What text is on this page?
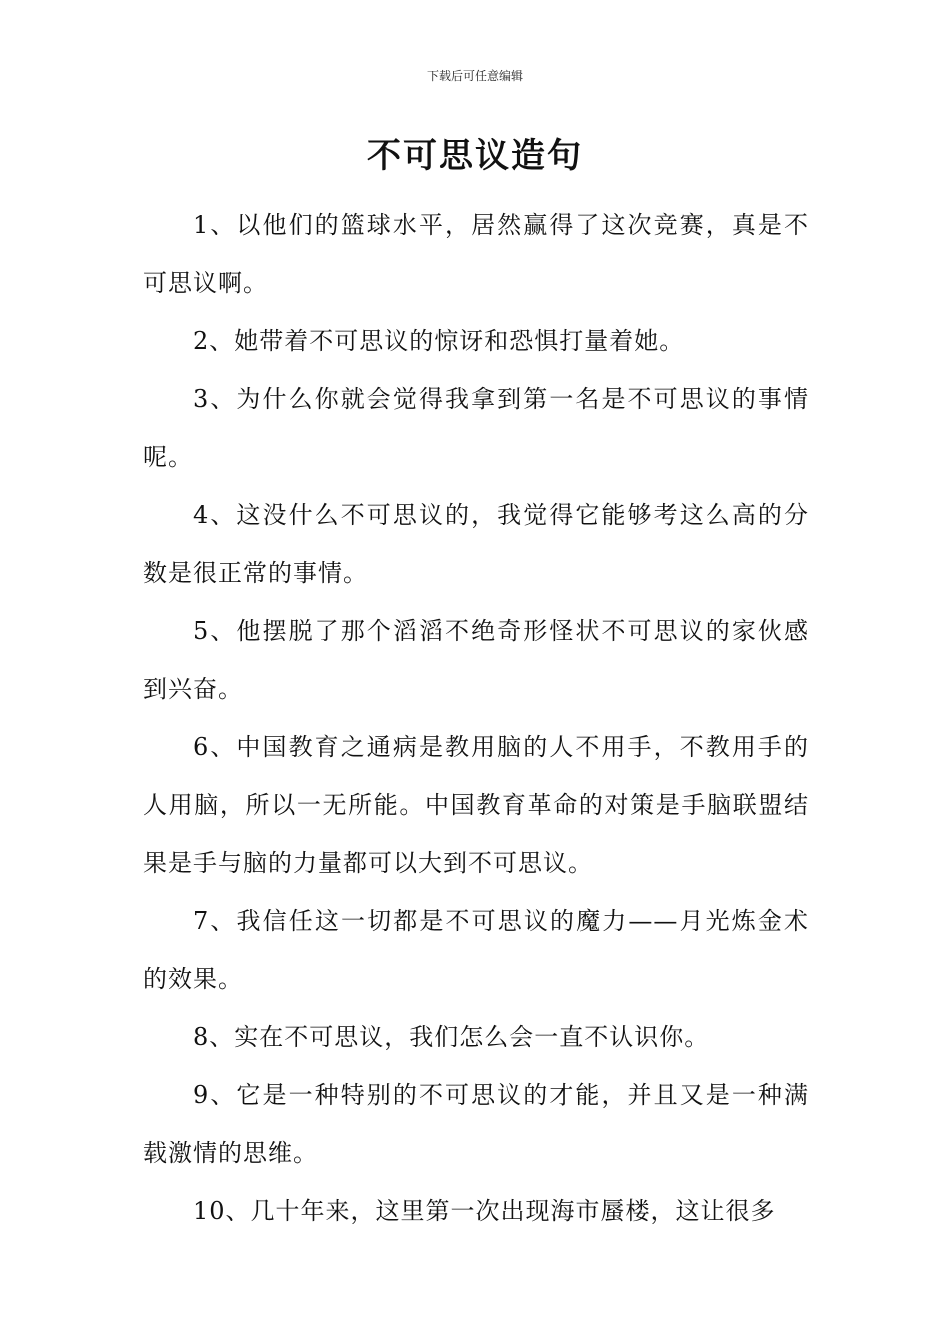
下载后可任意编辑
不可思议造句

1、以他们的篮球水平，居然赢得了这次竞赛，真是不可思议啊。

2、她带着不可思议的惊讶和恐惧打量着她。

3、为什么你就会觉得我拿到第一名是不可思议的事情呢。

4、这没什么不可思议的，我觉得它能够考这么高的分数是很正常的事情。

5、他摆脱了那个滔滔不绝奇形怪状不可思议的家伙感到兴奋。

6、中国教育之通病是教用脑的人不用手，不教用手的人用脑，所以一无所能。中国教育革命的对策是手脑联盟结果是手与脑的力量都可以大到不可思议。

7、我信任这一切都是不可思议的魔力——月光炼金术的效果。

8、实在不可思议，我们怎么会一直不认识你。

9、它是一种特别的不可思议的才能，并且又是一种满载激情的思维。

10、几十年来，这里第一次出现海市蜃楼，这让很多
